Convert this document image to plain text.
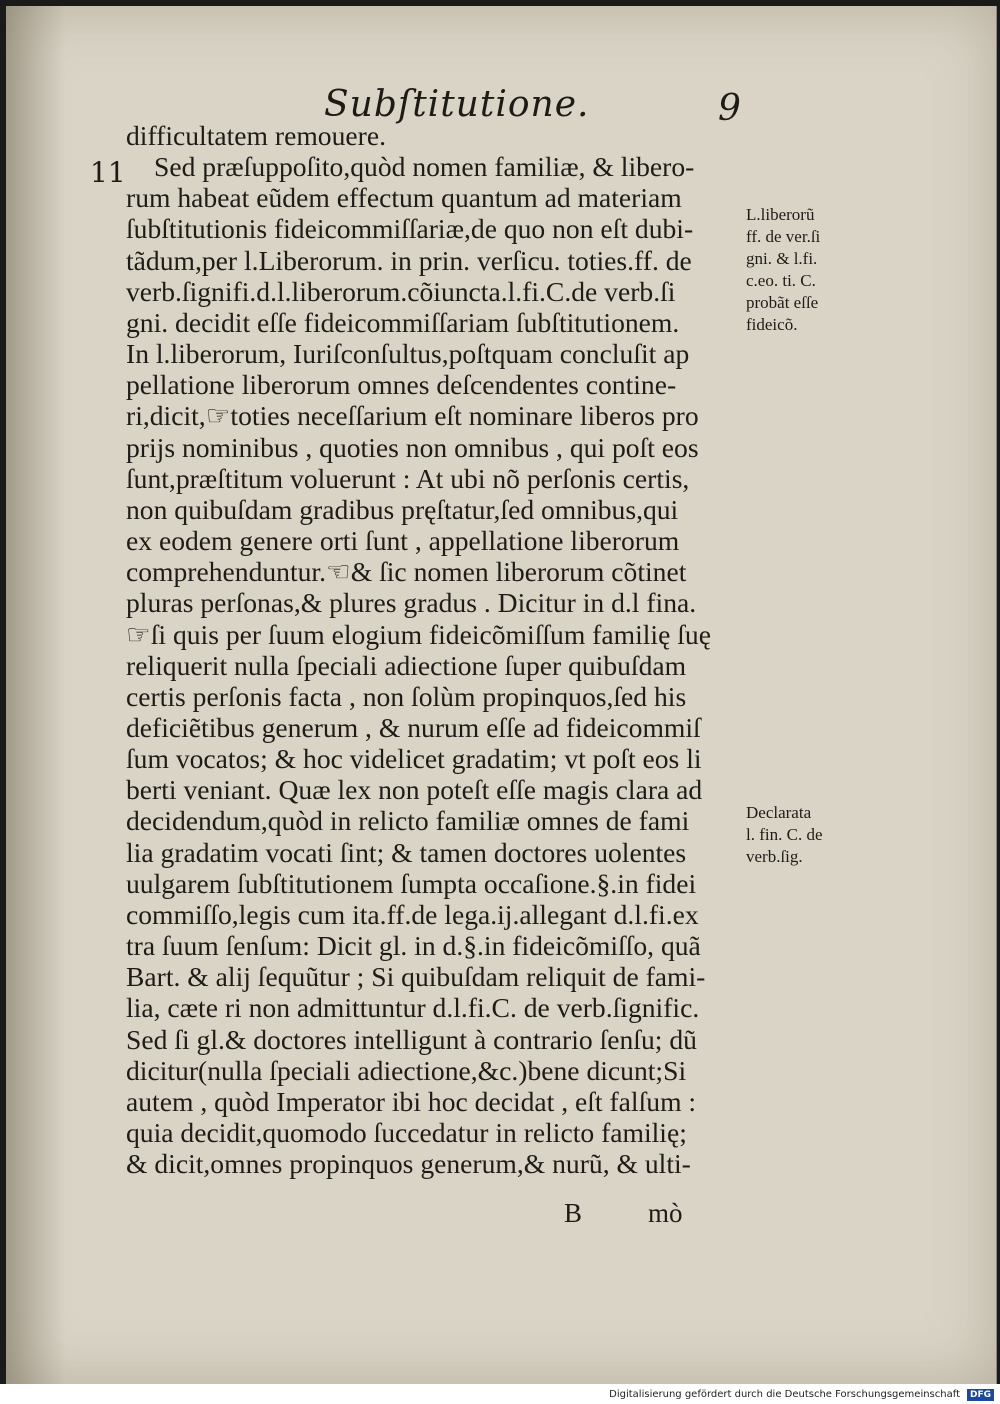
Subſtitutione.	9
11
difficultatem remouere.
Sed præſuppoſito,quòd nomen familiæ, & libero-
rum habeat eũdem effectum quantum ad materiam
ſubſtitutionis fideicommiſſariæ,de quo non eſt dubi-
tãdum,per l.Liberorum. in prin. verſicu. toties.ff. de
verb.ſignifi.d.l.liberorum.cõiuncta.l.fi.C.de verb.ſi
gni. decidit eſſe fideicommiſſariam ſubſtitutionem.
In l.liberorum, Iuriſconſultus,poſtquam concluſit ap
pellatione liberorum omnes deſcendentes contine-
ri,dicit,☞toties neceſſarium eſt nominare liberos pro
prijs nominibus , quoties non omnibus , qui poſt eos
ſunt,præſtitum voluerunt : At ubi nõ perſonis certis,
non quibuſdam gradibus pręſtatur,ſed omnibus,qui
ex eodem genere orti ſunt , appellatione liberorum
comprehenduntur.☜& ſic nomen liberorum cõtinet
pluras perſonas,& plures gradus . Dicitur in d.l fina.
☞ſi quis per ſuum elogium fideicõmiſſum familię ſuę
reliquerit nulla ſpeciali adiectione ſuper quibuſdam
certis perſonis facta , non ſolùm propinquos,ſed his
deficiẽtibus generum , & nurum eſſe ad fideicommiſ
ſum vocatos; & hoc videlicet gradatim; vt poſt eos li
berti veniant. Quæ lex non poteſt eſſe magis clara ad
decidendum,quòd in relicto familiæ omnes de fami
lia gradatim vocati ſint; & tamen doctores uolentes
uulgarem ſubſtitutionem ſumpta occaſione.§.in fidei
commiſſo,legis cum ita.ff.de lega.ij.allegant d.l.fi.ex
tra ſuum ſenſum: Dicit gl. in d.§.in fideicõmiſſo, quã
Bart. & alij ſequũtur ; Si quibuſdam reliquit de fami-
lia, cæte ri non admittuntur d.l.fi.C. de verb.ſignific.
Sed ſi gl.& doctores intelligunt à contrario ſenſu; dũ
dicitur(nulla ſpeciali adiectione,&c.)bene dicunt;Si
autem , quòd Imperator ibi hoc decidat , eſt falſum :
quia decidit,quomodo ſuccedatur in relicto familię;
& dicit,omnes propinquos generum,& nurũ, & ulti-
L.liberorũ
ff. de ver.ſi
gni. & l.fi.
c.eo. ti. C.
probãt eſſe
fideicõ.
Declarata
l. fin. C. de
verb.ſig.
B mò
Digitalisierung gefördert durch die Deutsche Forschungsgemeinschaft	DFG
